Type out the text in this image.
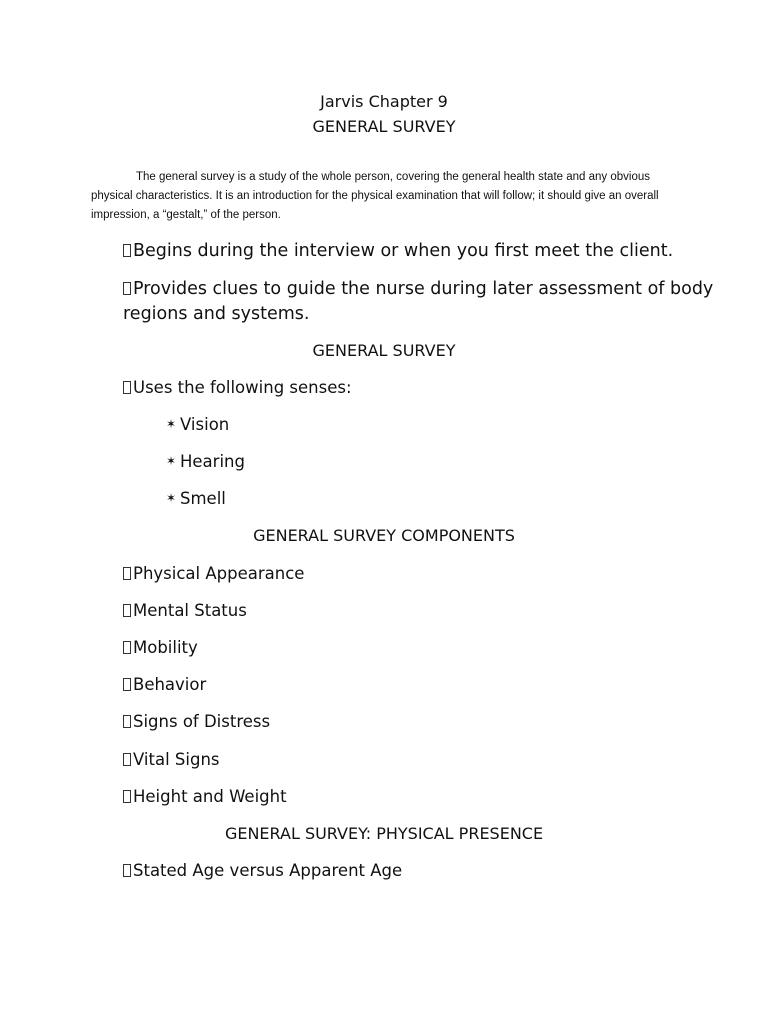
Jarvis Chapter 9
GENERAL SURVEY
The general survey is a study of the whole person, covering the general health state and any obvious physical characteristics. It is an introduction for the physical examination that will follow; it should give an overall impression, a “gestalt,” of the person.
Begins during the interview or when you first meet the client.
Provides clues to guide the nurse during later assessment of body
regions and systems.
GENERAL SURVEY
Uses the following senses:
✶ Vision
✶ Hearing
✶ Smell
GENERAL SURVEY COMPONENTS
Physical Appearance
Mental Status
Mobility
Behavior
Signs of Distress
Vital Signs
Height and Weight
GENERAL SURVEY: PHYSICAL PRESENCE
Stated Age versus Apparent Age
